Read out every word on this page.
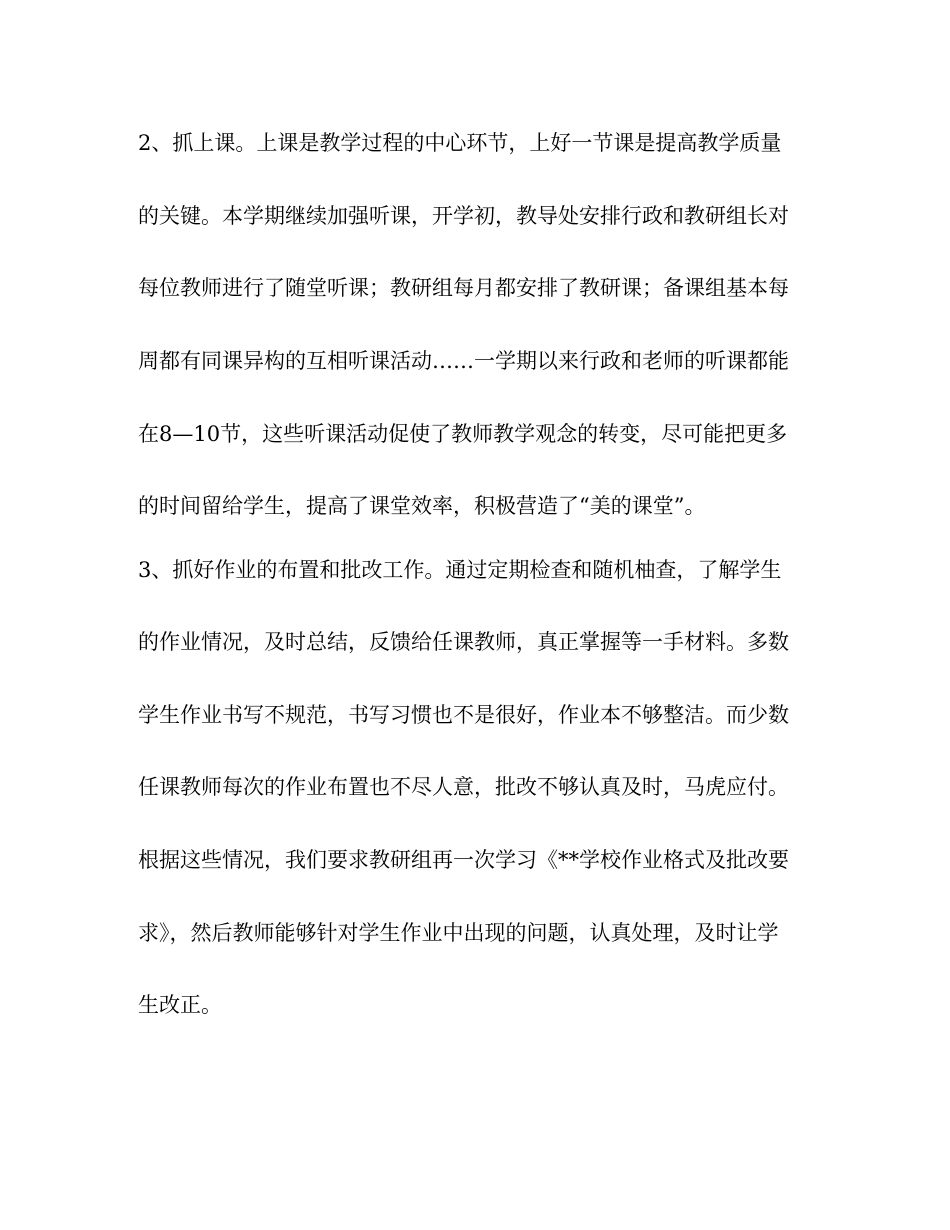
2、抓上课。上课是教学过程的中心环节，上好一节课是提高教学质量
的关键。本学期继续加强听课，开学初，教导处安排行政和教研组长对
每位教师进行了随堂听课；教研组每月都安排了教研课；备课组基本每
周都有同课异构的互相听课活动……一学期以来行政和老师的听课都能
在8—10节，这些听课活动促使了教师教学观念的转变，尽可能把更多
的时间留给学生，提高了课堂效率，积极营造了“美的课堂”。
3、抓好作业的布置和批改工作。通过定期检查和随机柚查，了解学生
的作业情况，及时总结，反馈给任课教师，真正掌握等一手材料。多数
学生作业书写不规范，书写习惯也不是很好，作业本不够整洁。而少数
任课教师每次的作业布置也不尽人意，批改不够认真及时，马虎应付。
根据这些情况，我们要求教研组再一次学习《**学校作业格式及批改要
求》，然后教师能够针对学生作业中出现的问题，认真处理，及时让学
生改正。
